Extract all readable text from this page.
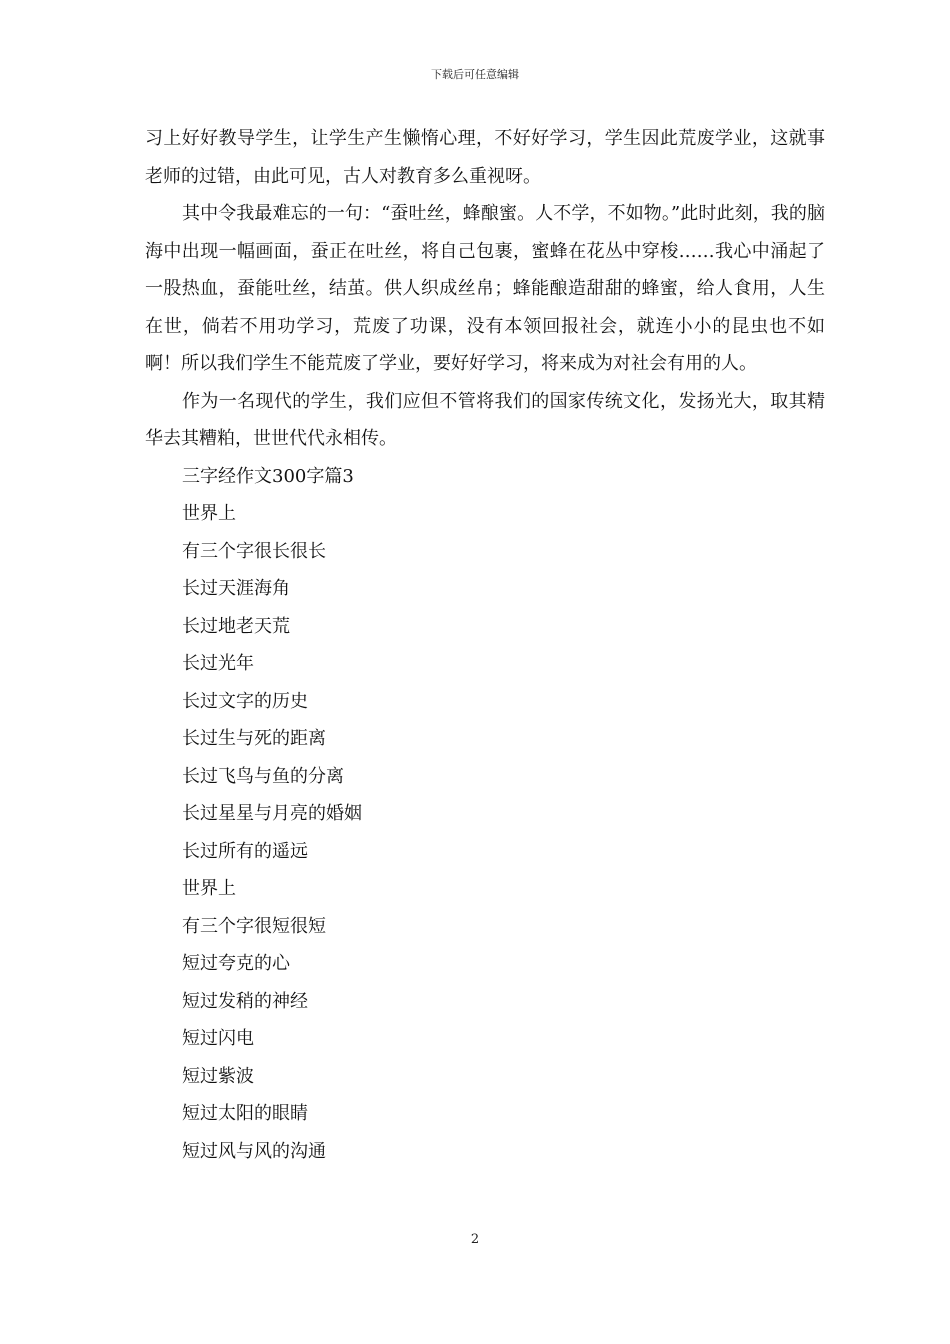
下载后可任意编辑

习上好好教导学生，让学生产生懒惰心理，不好好学习，学生因此荒废学业，这就事老师的过错，由此可见，古人对教育多么重视呀。

其中令我最难忘的一句：“蚕吐丝，蜂酿蜜。人不学，不如物。”此时此刻，我的脑海中出现一幅画面，蚕正在吐丝，将自己包裹，蜜蜂在花丛中穿梭……我心中涌起了一股热血，蚕能吐丝，结茧。供人织成丝帛；蜂能酿造甜甜的蜂蜜，给人食用，人生在世，倘若不用功学习，荒废了功课，没有本领回报社会，就连小小的昆虫也不如啊！所以我们学生不能荒废了学业，要好好学习，将来成为对社会有用的人。

作为一名现代的学生，我们应但不管将我们的国家传统文化，发扬光大，取其精华去其糟粕，世世代代永相传。

三字经作文300字篇3

世界上

有三个字很长很长

长过天涯海角

长过地老天荒

长过光年

长过文字的历史

长过生与死的距离

长过飞鸟与鱼的分离

长过星星与月亮的婚姻

长过所有的遥远

世界上

有三个字很短很短

短过夸克的心

短过发稍的神经

短过闪电

短过紫波

短过太阳的眼睛

短过风与风的沟通

2
